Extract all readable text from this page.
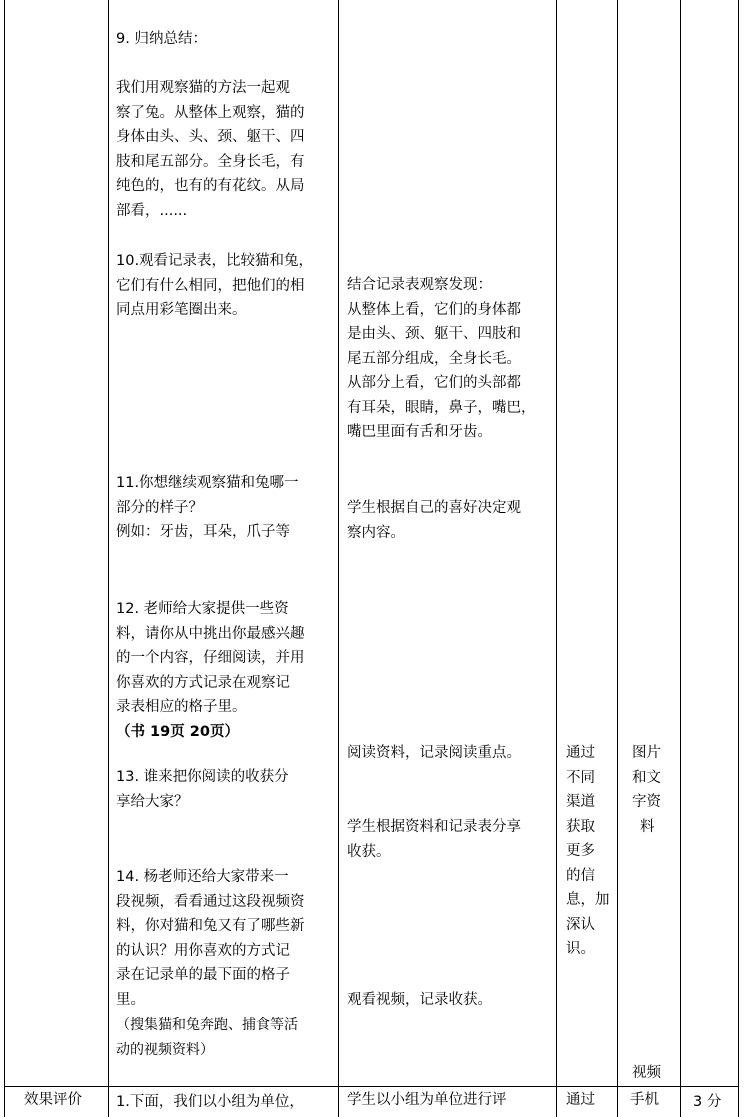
9. 归纳总结：

我们用观察猫的方法一起观
察了兔。从整体上观察，猫的
身体由头、头、颈、躯干、四
肢和尾五部分。全身长毛，有
纯色的，也有的有花纹。从局
部看，......
10.观看记录表，比较猫和兔，
它们有什么相同，把他们的相
同点用彩笔圈出来。
11.你想继续观察猫和兔哪一
部分的样子？
例如：牙齿，耳朵，爪子等
12. 老师给大家提供一些资
料，请你从中挑出你最感兴趣
的一个内容，仔细阅读，并用
你喜欢的方式记录在观察记
录表相应的格子里。
（书 19页 20页）
13. 谁来把你阅读的收获分
享给大家？
14. 杨老师还给大家带来一
段视频，看看通过这段视频资
料，你对猫和兔又有了哪些新
的认识？用你喜欢的方式记
录在记录单的最下面的格子
里。
（搜集猫和兔奔跑、捕食等活
动的视频资料）
结合记录表观察发现：
从整体上看，它们的身体都
是由头、颈、躯干、四肢和
尾五部分组成，全身长毛。
从部分上看，它们的头部都
有耳朵，眼睛，鼻子，嘴巴，
嘴巴里面有舌和牙齿。
学生根据自己的喜好决定观
察内容。
阅读资料，记录阅读重点。
学生根据资料和记录表分享
收获。
观看视频，记录收获。
通过
不同
渠道
获取
更多
的信
息，加
深认
识。
图片
和文
字资
料
视频
效果评价 1.下面，我们以小组为单位，	学生以小组为单位进行评	通过 手机 3 分
